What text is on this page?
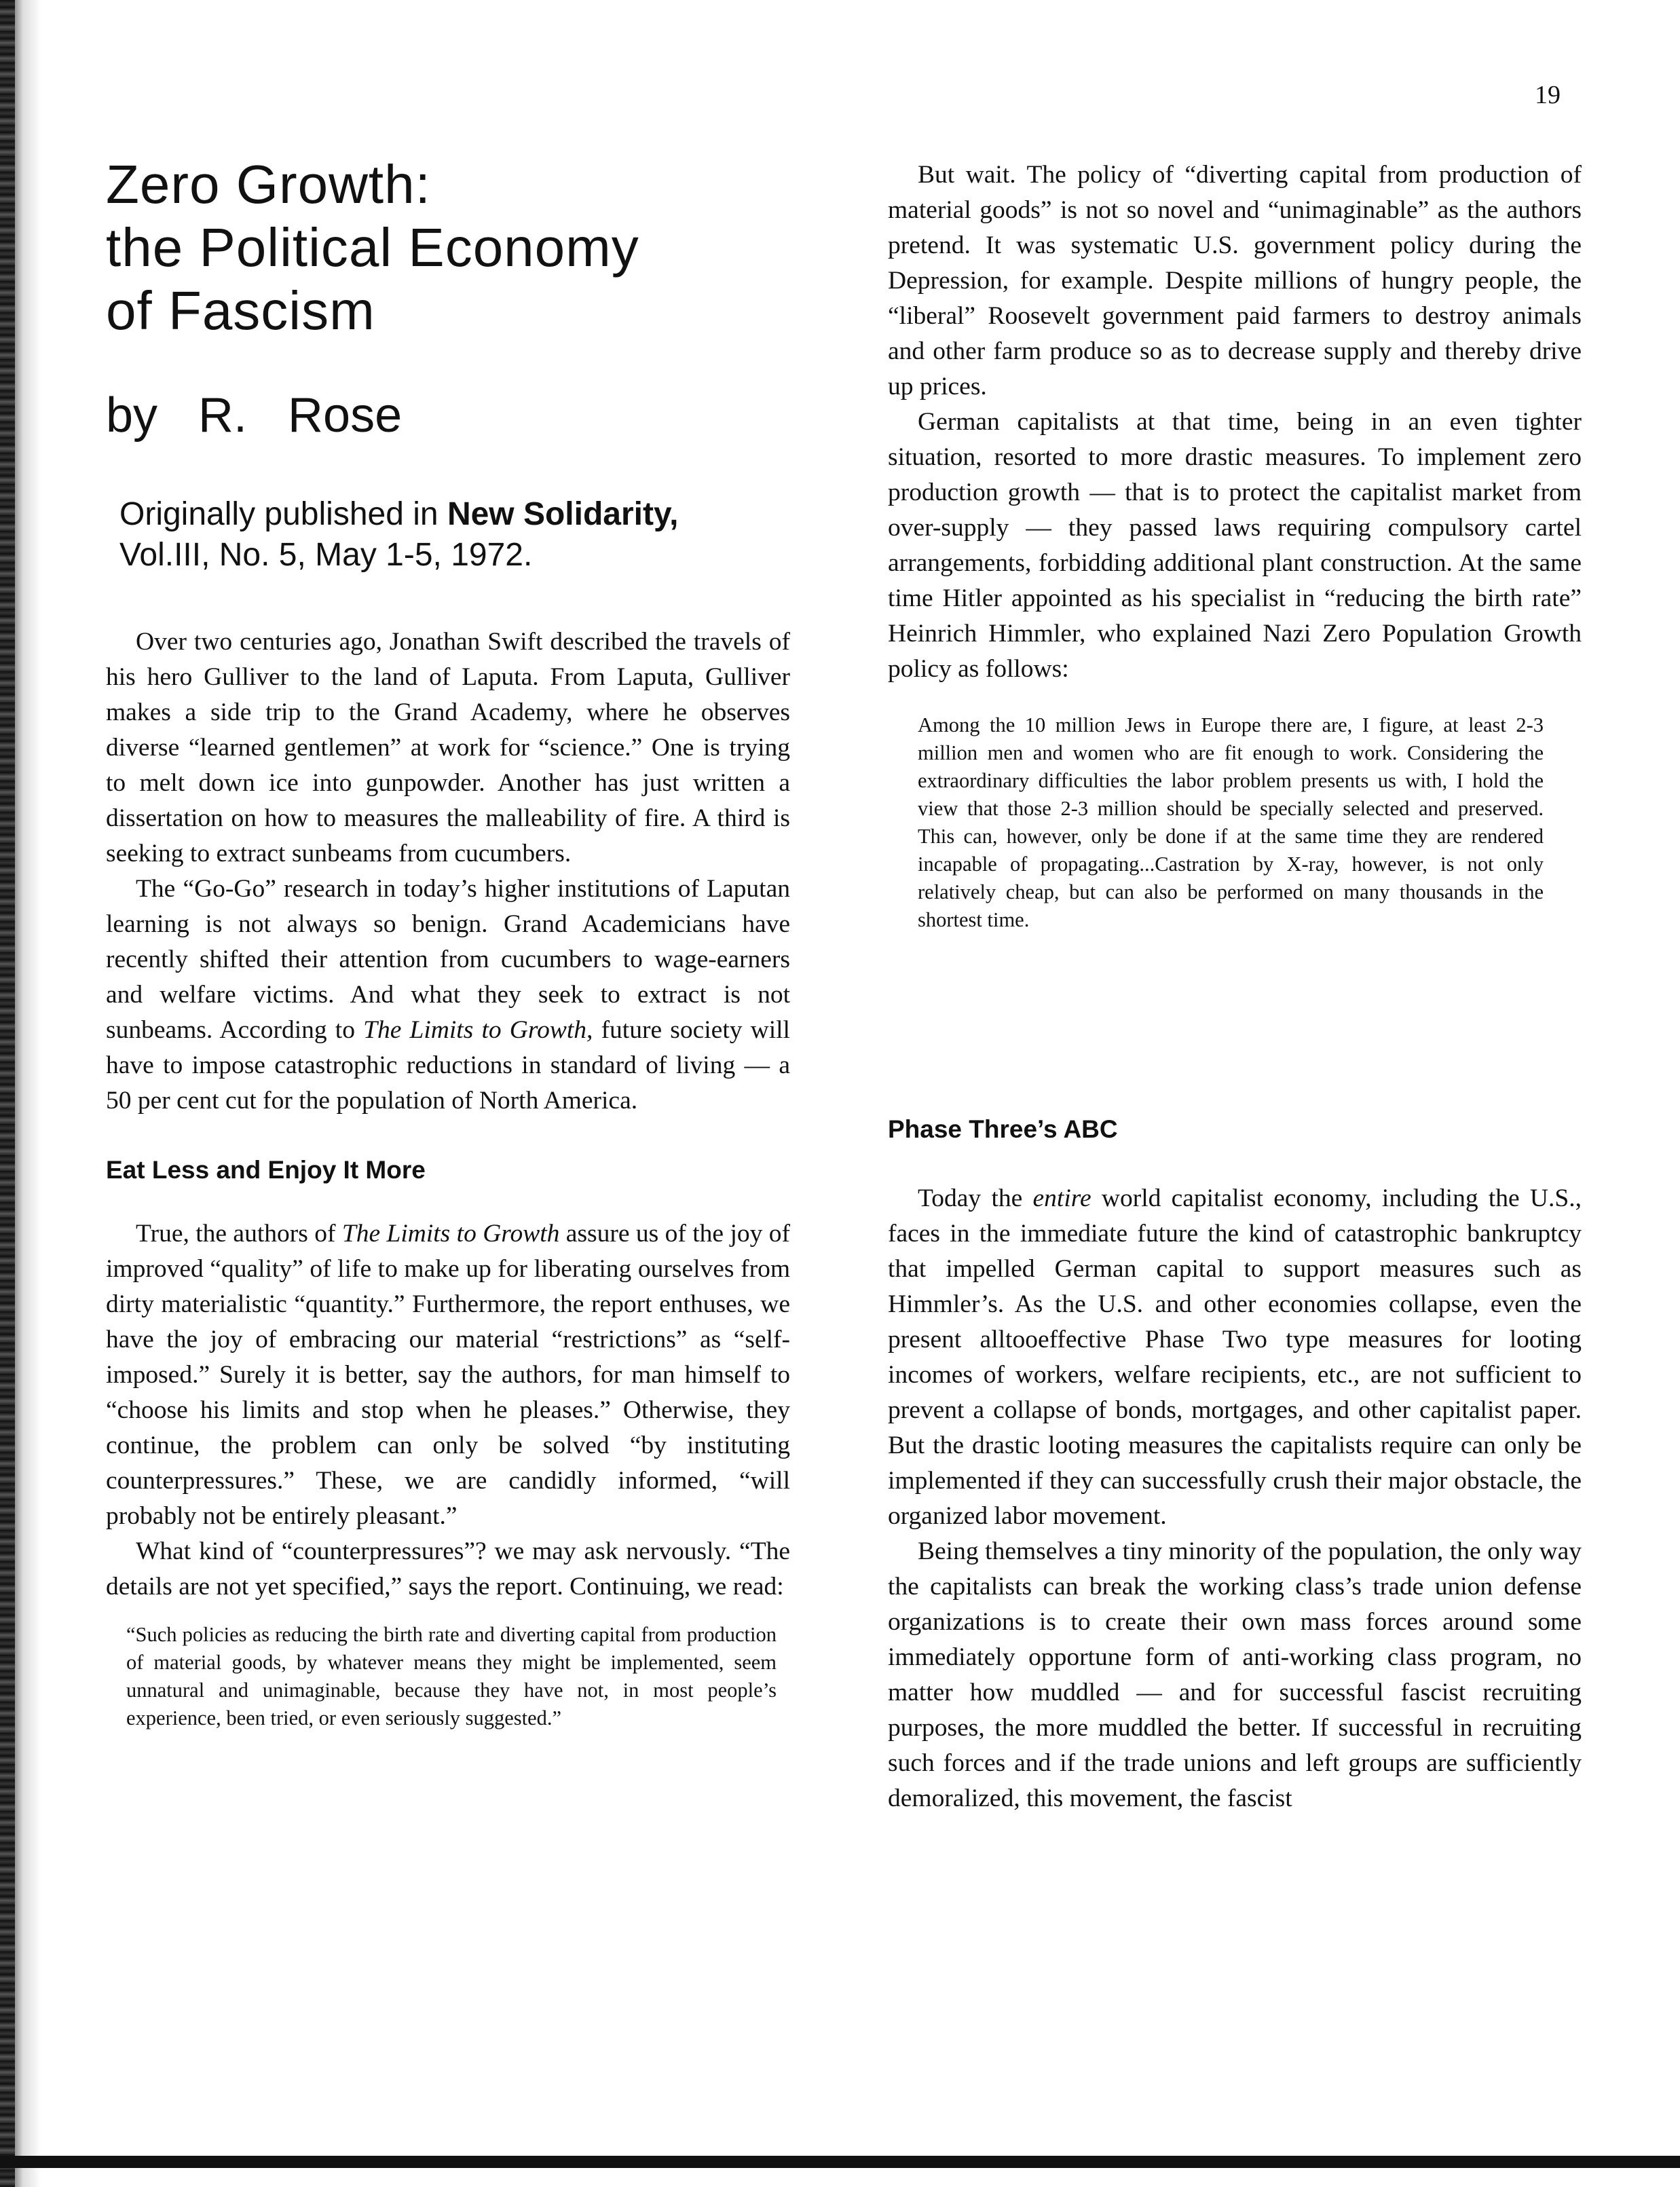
19
Zero Growth:
the Political Economy
of Fascism
by R. Rose
Originally published in New Solidarity,
Vol.III, No. 5, May 1-5, 1972.

Over two centuries ago, Jonathan Swift described the travels of his hero Gulliver to the land of Laputa. From Laputa, Gulliver makes a side trip to the Grand Academy, where he observes diverse “learned gentlemen” at work for “science.” One is trying to melt down ice into gunpowder. Another has just written a dissertation on how to measures the malleability of fire. A third is seeking to extract sunbeams from cucumbers.

The “Go-Go” research in today’s higher institutions of Laputan learning is not always so benign. Grand Academicians have recently shifted their attention from cucumbers to wage-earners and welfare victims. And what they seek to extract is not sunbeams. According to The Limits to Growth, future society will have to impose catastrophic reductions in standard of living — a 50 per cent cut for the population of North America.

Eat Less and Enjoy It More

True, the authors of The Limits to Growth assure us of the joy of improved “quality” of life to make up for liberating ourselves from dirty materialistic “quantity.” Furthermore, the report enthuses, we have the joy of embracing our material “restrictions” as “self-imposed.” Surely it is better, say the authors, for man himself to “choose his limits and stop when he pleases.” Otherwise, they continue, the problem can only be solved “by instituting counterpressures.” These, we are candidly informed, “will probably not be entirely pleasant.”

What kind of “counterpressures”? we may ask nervously. “The details are not yet specified,” says the report. Continuing, we read:

“Such policies as reducing the birth rate and diverting capital from production of material goods, by whatever means they might be implemented, seem unnatural and unimaginable, because they have not, in most people’s experience, been tried, or even seriously suggested.”

But wait. The policy of “diverting capital from production of material goods” is not so novel and “unimaginable” as the authors pretend. It was systematic U.S. government policy during the Depression, for example. Despite millions of hungry people, the “liberal” Roosevelt government paid farmers to destroy animals and other farm produce so as to decrease supply and thereby drive up prices.

German capitalists at that time, being in an even tighter situation, resorted to more drastic measures. To implement zero production growth — that is to protect the capitalist market from over-supply — they passed laws requiring compulsory cartel arrangements, forbidding additional plant construction. At the same time Hitler appointed as his specialist in “reducing the birth rate” Heinrich Himmler, who explained Nazi Zero Population Growth policy as follows:

Among the 10 million Jews in Europe there are, I figure, at least 2-3 million men and women who are fit enough to work. Considering the extraordinary difficulties the labor problem presents us with, I hold the view that those 2-3 million should be specially selected and preserved. This can, however, only be done if at the same time they are rendered incapable of propagating...Castration by X-ray, however, is not only relatively cheap, but can also be performed on many thousands in the shortest time.

Phase Three’s ABC

Today the entire world capitalist economy, including the U.S., faces in the immediate future the kind of catastrophic bankruptcy that impelled German capital to support measures such as Himmler’s. As the U.S. and other economies collapse, even the present alltooeffective Phase Two type measures for looting incomes of workers, welfare recipients, etc., are not sufficient to prevent a collapse of bonds, mortgages, and other capitalist paper. But the drastic looting measures the capitalists require can only be implemented if they can successfully crush their major obstacle, the organized labor movement.

Being themselves a tiny minority of the population, the only way the capitalists can break the working class’s trade union defense organizations is to create their own mass forces around some immediately opportune form of anti-working class program, no matter how muddled — and for successful fascist recruiting purposes, the more muddled the better. If successful in recruiting such forces and if the trade unions and left groups are sufficiently demoralized, this movement, the fascist
